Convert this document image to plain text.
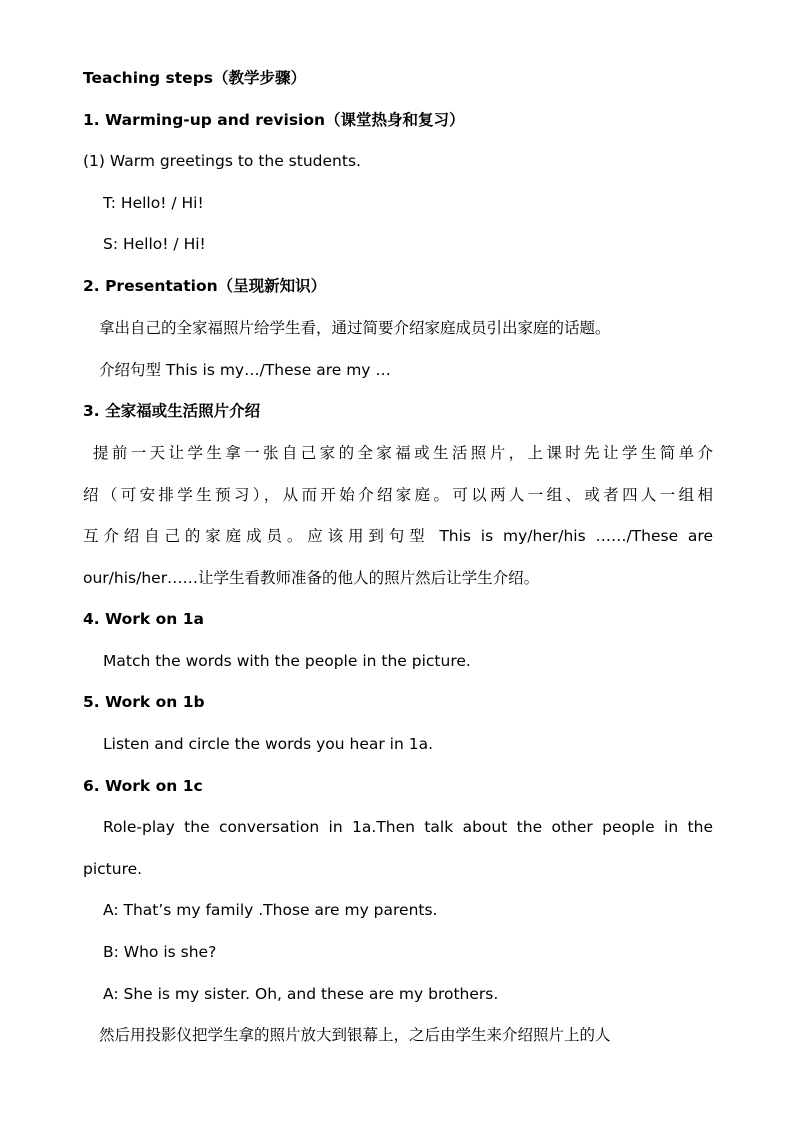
Teaching steps（教学步骤）
1. Warming-up and revision（课堂热身和复习）
(1) Warm greetings to the students.
T: Hello! / Hi!
S: Hello! / Hi!
2. Presentation（呈现新知识）
拿出自己的全家福照片给学生看，通过简要介绍家庭成员引出家庭的话题。
介绍句型 This is my…/These are my …
3. 全家福或生活照片介绍
提前一天让学生拿一张自己家的全家福或生活照片，上课时先让学生简单介
绍（可安排学生预习），从而开始介绍家庭。可以两人一组、或者四人一组相
互介绍自己的家庭成员。应该用到句型 This is my/her/his ……/These are
our/his/her……让学生看教师准备的他人的照片然后让学生介绍。
4. Work on 1a
Match the words with the people in the picture.
5. Work on 1b
Listen and circle the words you hear in 1a.
6. Work on 1c
Role-play the conversation in 1a.Then talk about the other people in the
picture.
A: That’s my family .Those are my parents.
B: Who is she?
A: She is my sister. Oh, and these are my brothers.
然后用投影仪把学生拿的照片放大到银幕上，之后由学生来介绍照片上的人
